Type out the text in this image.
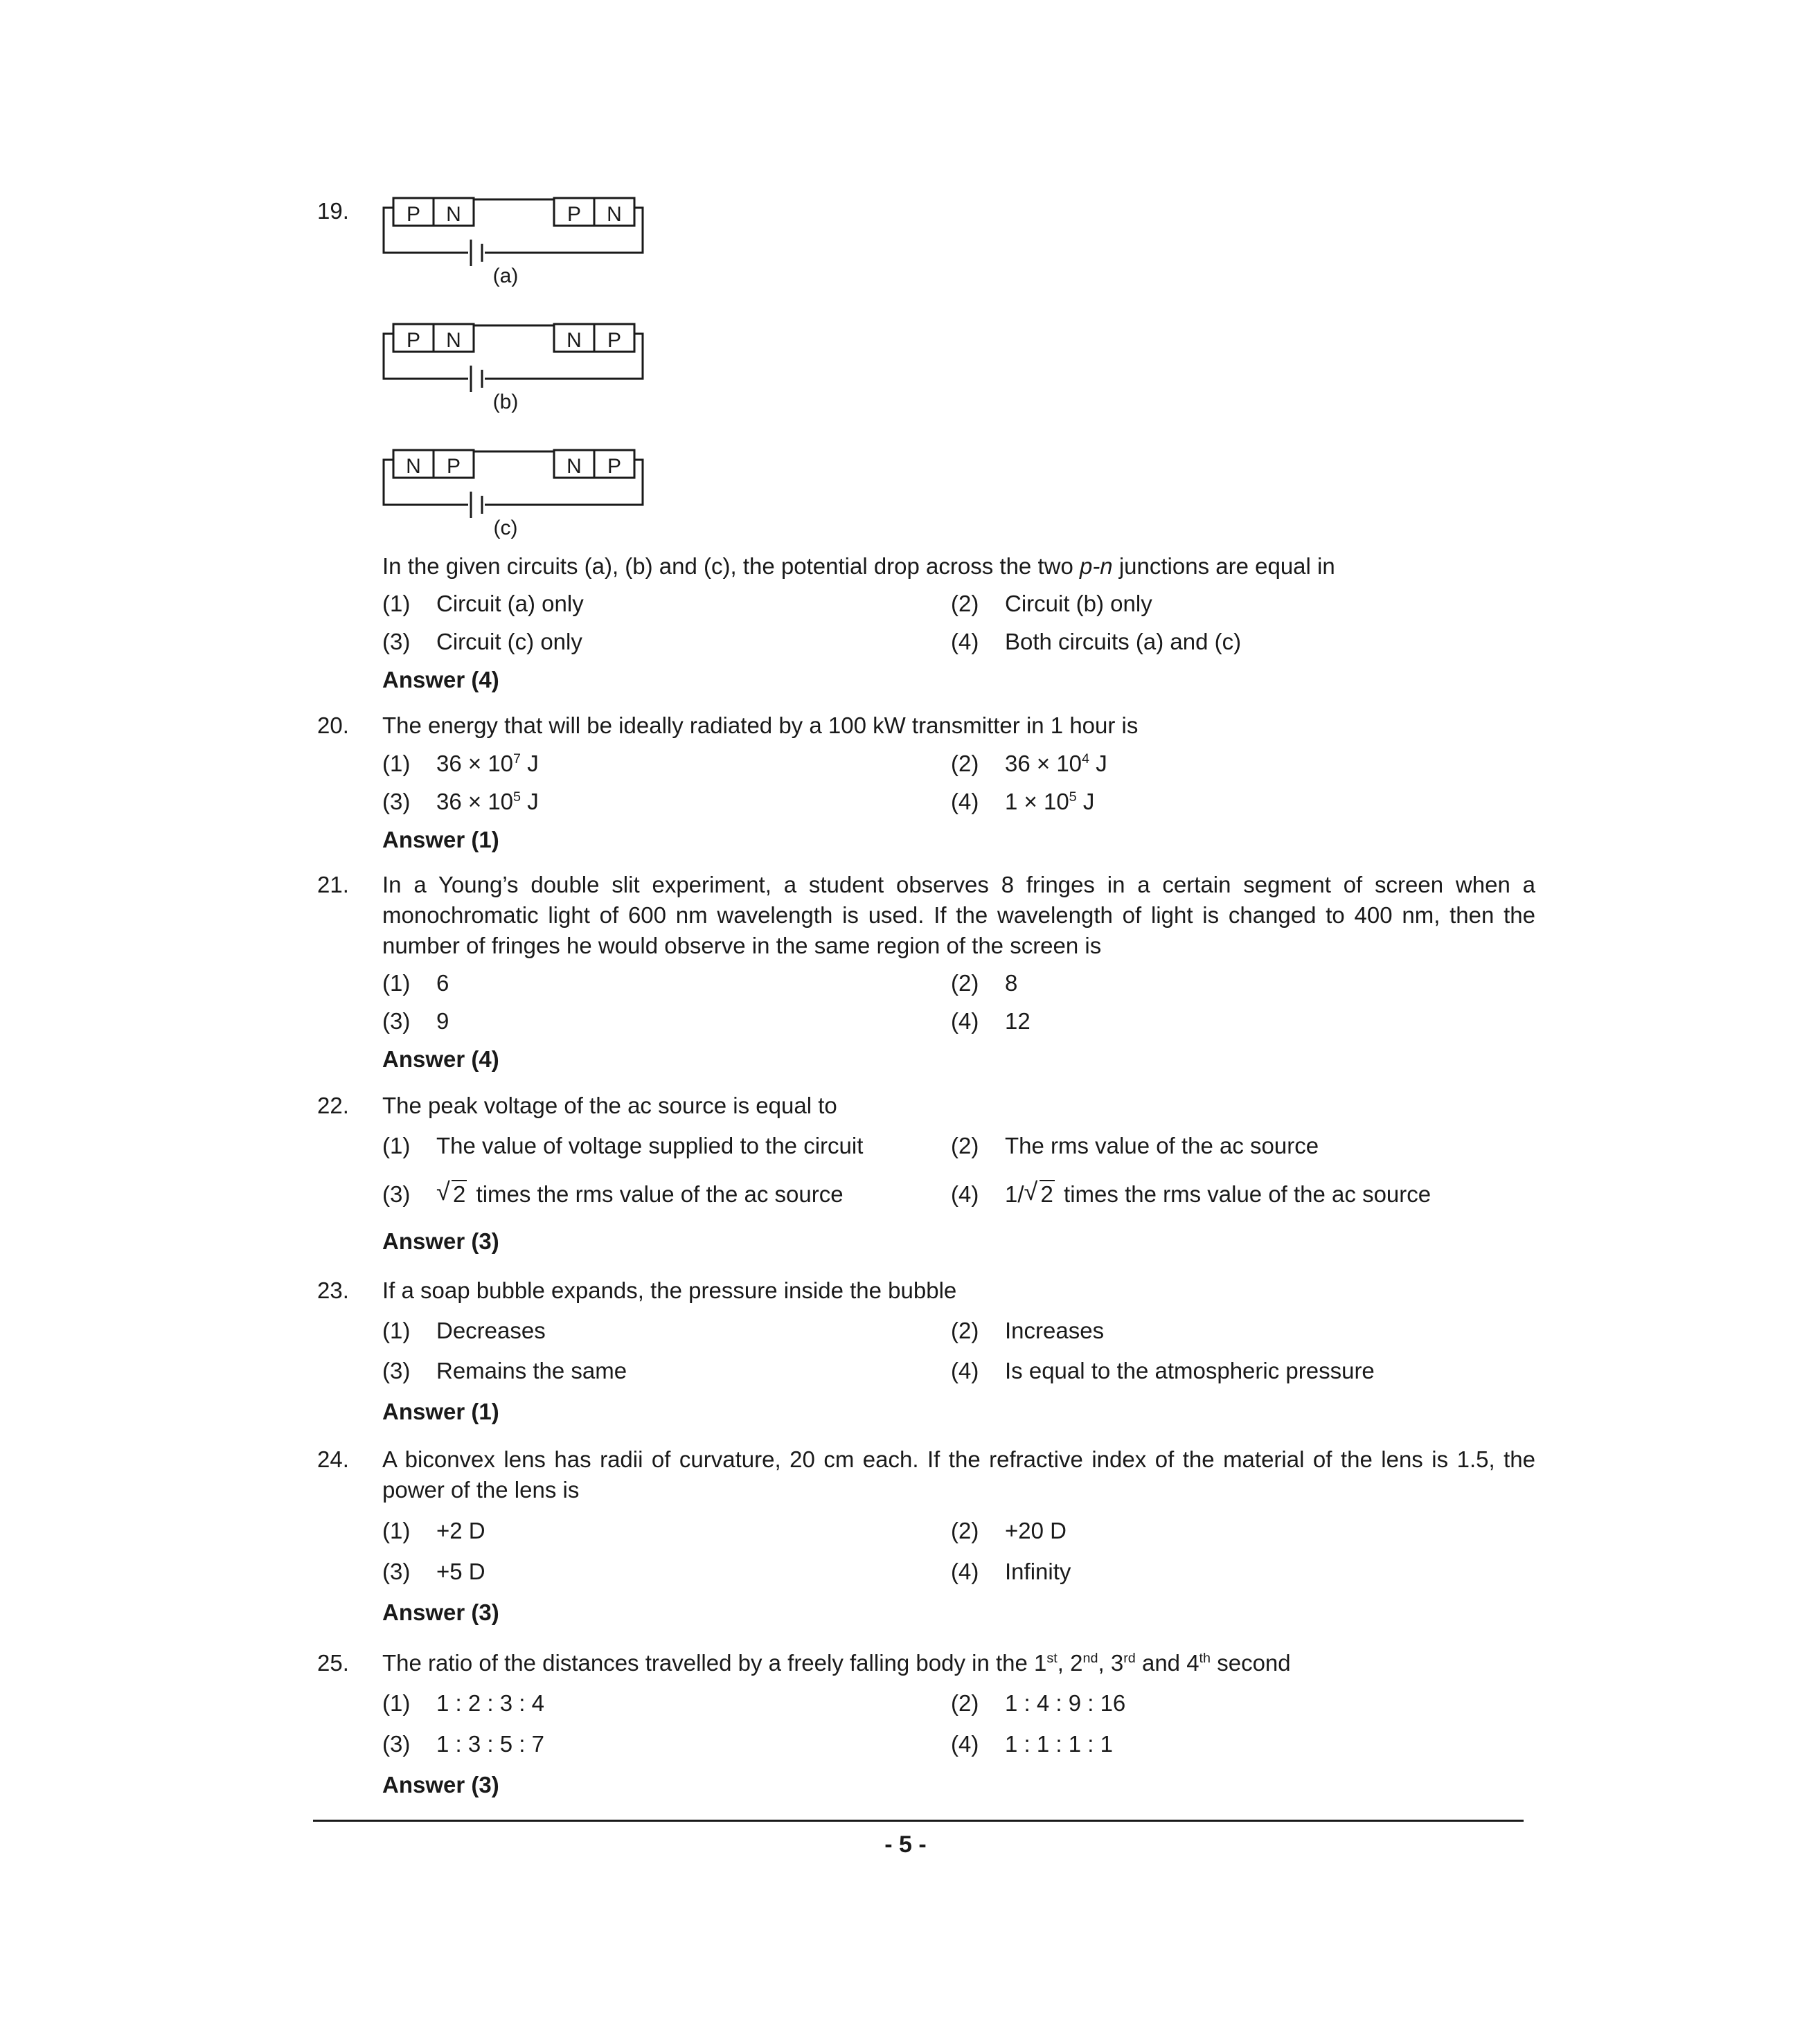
19.	P N	P N
(a)
P N	N P
(b)
N P	N P
(c)
In the given circuits (a), (b) and (c), the potential drop across the two p-n junctions are equal in
(1) Circuit (a) only	(2) Circuit (b) only
(3) Circuit (c) only	(4) Both circuits (a) and (c)
Answer (4)
20. The energy that will be ideally radiated by a 100 kW transmitter in 1 hour is
(1) $36 \times 10^7$ J	(2) $36 \times 10^4$ J
(3) $36 \times 10^5$ J	(4) $1 \times 10^5$ J
Answer (1)
21. In a Young’s double slit experiment, a student observes 8 fringes in a certain segment of screen when a monochromatic light of 600 nm wavelength is used. If the wavelength of light is changed to 400 nm, then the number of fringes he would observe in the same region of the screen is
(1) 6	(2) 8
(3) 9	(4) 12
Answer (4)
22. The peak voltage of the ac source is equal to
(1) The value of voltage supplied to the circuit	(2) The rms value of the ac source
(3) √ 2 times the rms value of the ac source	(4) 1/ √ 2 times the rms value of the ac source
Answer (3)
23. If a soap bubble expands, the pressure inside the bubble
(1) Decreases	(2) Increases
(3) Remains the same	(4) Is equal to the atmospheric pressure
Answer (1)
24. A biconvex lens has radii of curvature, 20 cm each. If the refractive index of the material of the lens is 1.5, the power of the lens is
(1) +2 D	(2) +20 D
(3) +5 D	(4) Infinity
Answer (3)
25. The ratio of the distances travelled by a freely falling body in the 1st, 2nd, 3rd and 4th second
(1) 1 : 2 : 3 : 4	(2) 1 : 4 : 9 : 16
(3) 1 : 3 : 5 : 7	(4) 1 : 1 : 1 : 1
Answer (3)
- 5 -
